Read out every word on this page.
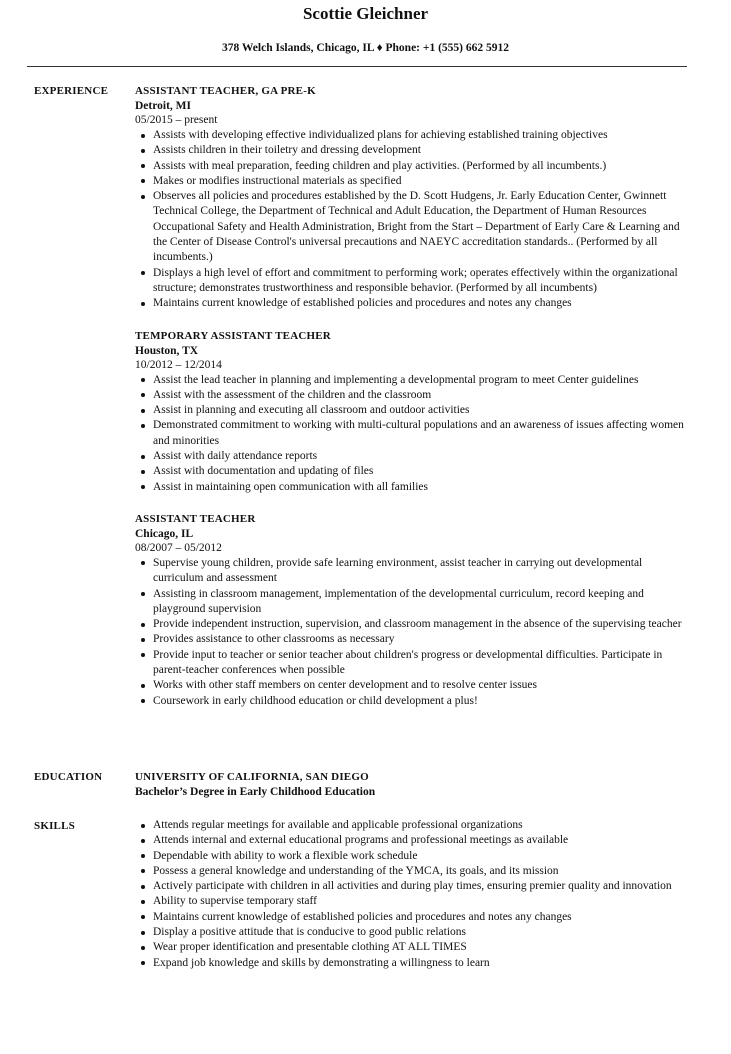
Scottie Gleichner
378 Welch Islands, Chicago, IL ♦ Phone: +1 (555) 662 5912
EXPERIENCE ASSISTANT TEACHER, GA PRE-K
Detroit, MI
05/2015 – present
Assists with developing effective individualized plans for achieving established training objectives
Assists children in their toiletry and dressing development
Assists with meal preparation, feeding children and play activities. (Performed by all incumbents.)
Makes or modifies instructional materials as specified
Observes all policies and procedures established by the D. Scott Hudgens, Jr. Early Education Center, Gwinnett Technical College, the Department of Technical and Adult Education, the Department of Human Resources Occupational Safety and Health Administration, Bright from the Start – Department of Early Care & Learning and the Center of Disease Control's universal precautions and NAEYC accreditation standards.. (Performed by all incumbents.)
Displays a high level of effort and commitment to performing work; operates effectively within the organizational structure; demonstrates trustworthiness and responsible behavior. (Performed by all incumbents)
Maintains current knowledge of established policies and procedures and notes any changes
TEMPORARY ASSISTANT TEACHER
Houston, TX
10/2012 – 12/2014
Assist the lead teacher in planning and implementing a developmental program to meet Center guidelines
Assist with the assessment of the children and the classroom
Assist in planning and executing all classroom and outdoor activities
Demonstrated commitment to working with multi-cultural populations and an awareness of issues affecting women and minorities
Assist with daily attendance reports
Assist with documentation and updating of files
Assist in maintaining open communication with all families
ASSISTANT TEACHER
Chicago, IL
08/2007 – 05/2012
Supervise young children, provide safe learning environment, assist teacher in carrying out developmental curriculum and assessment
Assisting in classroom management, implementation of the developmental curriculum, record keeping and playground supervision
Provide independent instruction, supervision, and classroom management in the absence of the supervising teacher
Provides assistance to other classrooms as necessary
Provide input to teacher or senior teacher about children's progress or developmental difficulties. Participate in parent-teacher conferences when possible
Works with other staff members on center development and to resolve center issues
Coursework in early childhood education or child development a plus!
EDUCATION	UNIVERSITY OF CALIFORNIA, SAN DIEGO
Bachelor’s Degree in Early Childhood Education
SKILLS	Attends regular meetings for available and applicable professional organizations
Attends internal and external educational programs and professional meetings as available
Dependable with ability to work a flexible work schedule
Possess a general knowledge and understanding of the YMCA, its goals, and its mission
Actively participate with children in all activities and during play times, ensuring premier quality and innovation
Ability to supervise temporary staff
Maintains current knowledge of established policies and procedures and notes any changes
Display a positive attitude that is conducive to good public relations
Wear proper identification and presentable clothing AT ALL TIMES
Expand job knowledge and skills by demonstrating a willingness to learn
